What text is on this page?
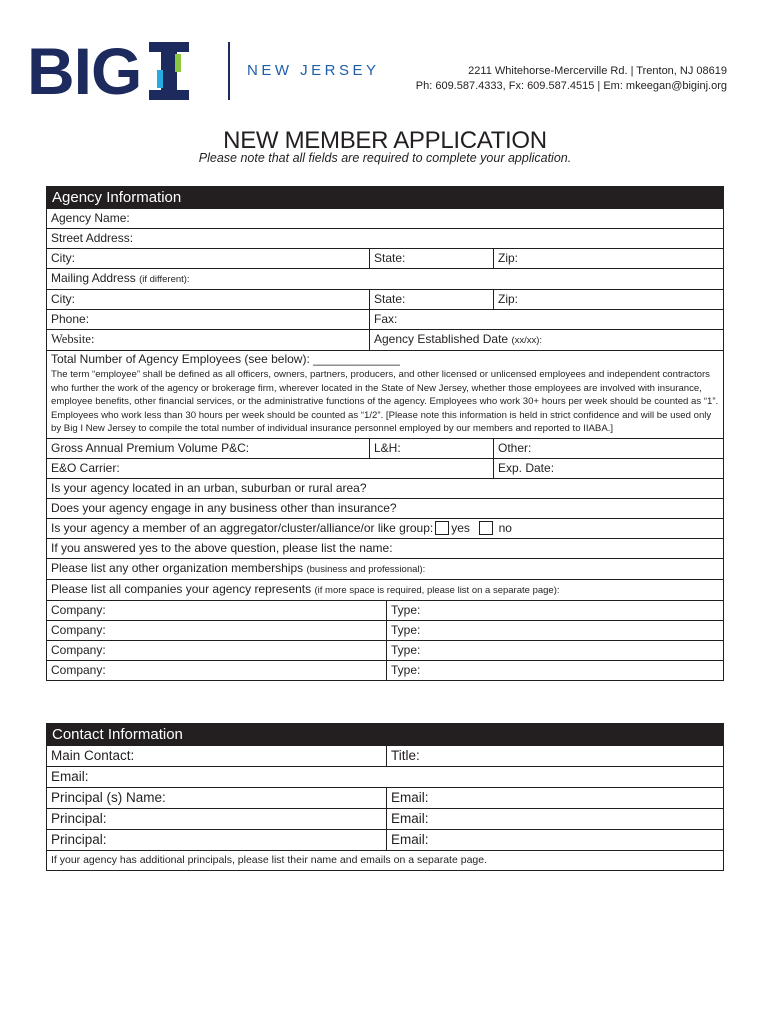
BIG	NEW JERSEY	2211 Whitehorse-Mercerville Rd. | Trenton, NJ 08619
Ph: 609.587.4333, Fx: 609.587.4515 | Em: mkeegan@biginj.org
NEW MEMBER APPLICATION
Please note that all fields are required to complete your application.
Agency Information
Agency Name:
Street Address:
City:	State:	Zip:
Mailing Address (if different):
City:	State:	Zip:
Phone:	Fax:
Website:	Agency Established Date (xx/xx):
Total Number of Agency Employees (see below): _____________
The term “employee” shall be defined as all officers, owners, partners, producers, and other licensed or unlicensed employees and independent contractors who further the work of the agency or brokerage firm, wherever located in the State of New Jersey, whether those employees are involved with insurance, employee benefits, other financial services, or the administrative functions of the agency. Employees who work 30+ hours per week should be counted as “1”. Employees who work less than 30 hours per week should be counted as “1/2”. [Please note this information is held in strict confidence and will be used only by Big I New Jersey to compile the total number of individual insurance personnel employed by our members and reported to IIABA.]
Gross Annual Premium Volume P&C:	L&H:	Other:
E&O Carrier:	Exp. Date:
Is your agency located in an urban, suburban or rural area?
Does your agency engage in any business other than insurance?
Is your agency a member of an aggregator/cluster/alliance/or like group: yes no
If you answered yes to the above question, please list the name:
Please list any other organization memberships (business and professional):
Please list all companies your agency represents (if more space is required, please list on a separate page):
Company:	Type:
Company:	Type:
Company:	Type:
Company:	Type:
Contact Information
Main Contact:	Title:
Email:
Principal (s) Name:	Email:
Principal:	Email:
Principal:	Email:
If your agency has additional principals, please list their name and emails on a separate page.
